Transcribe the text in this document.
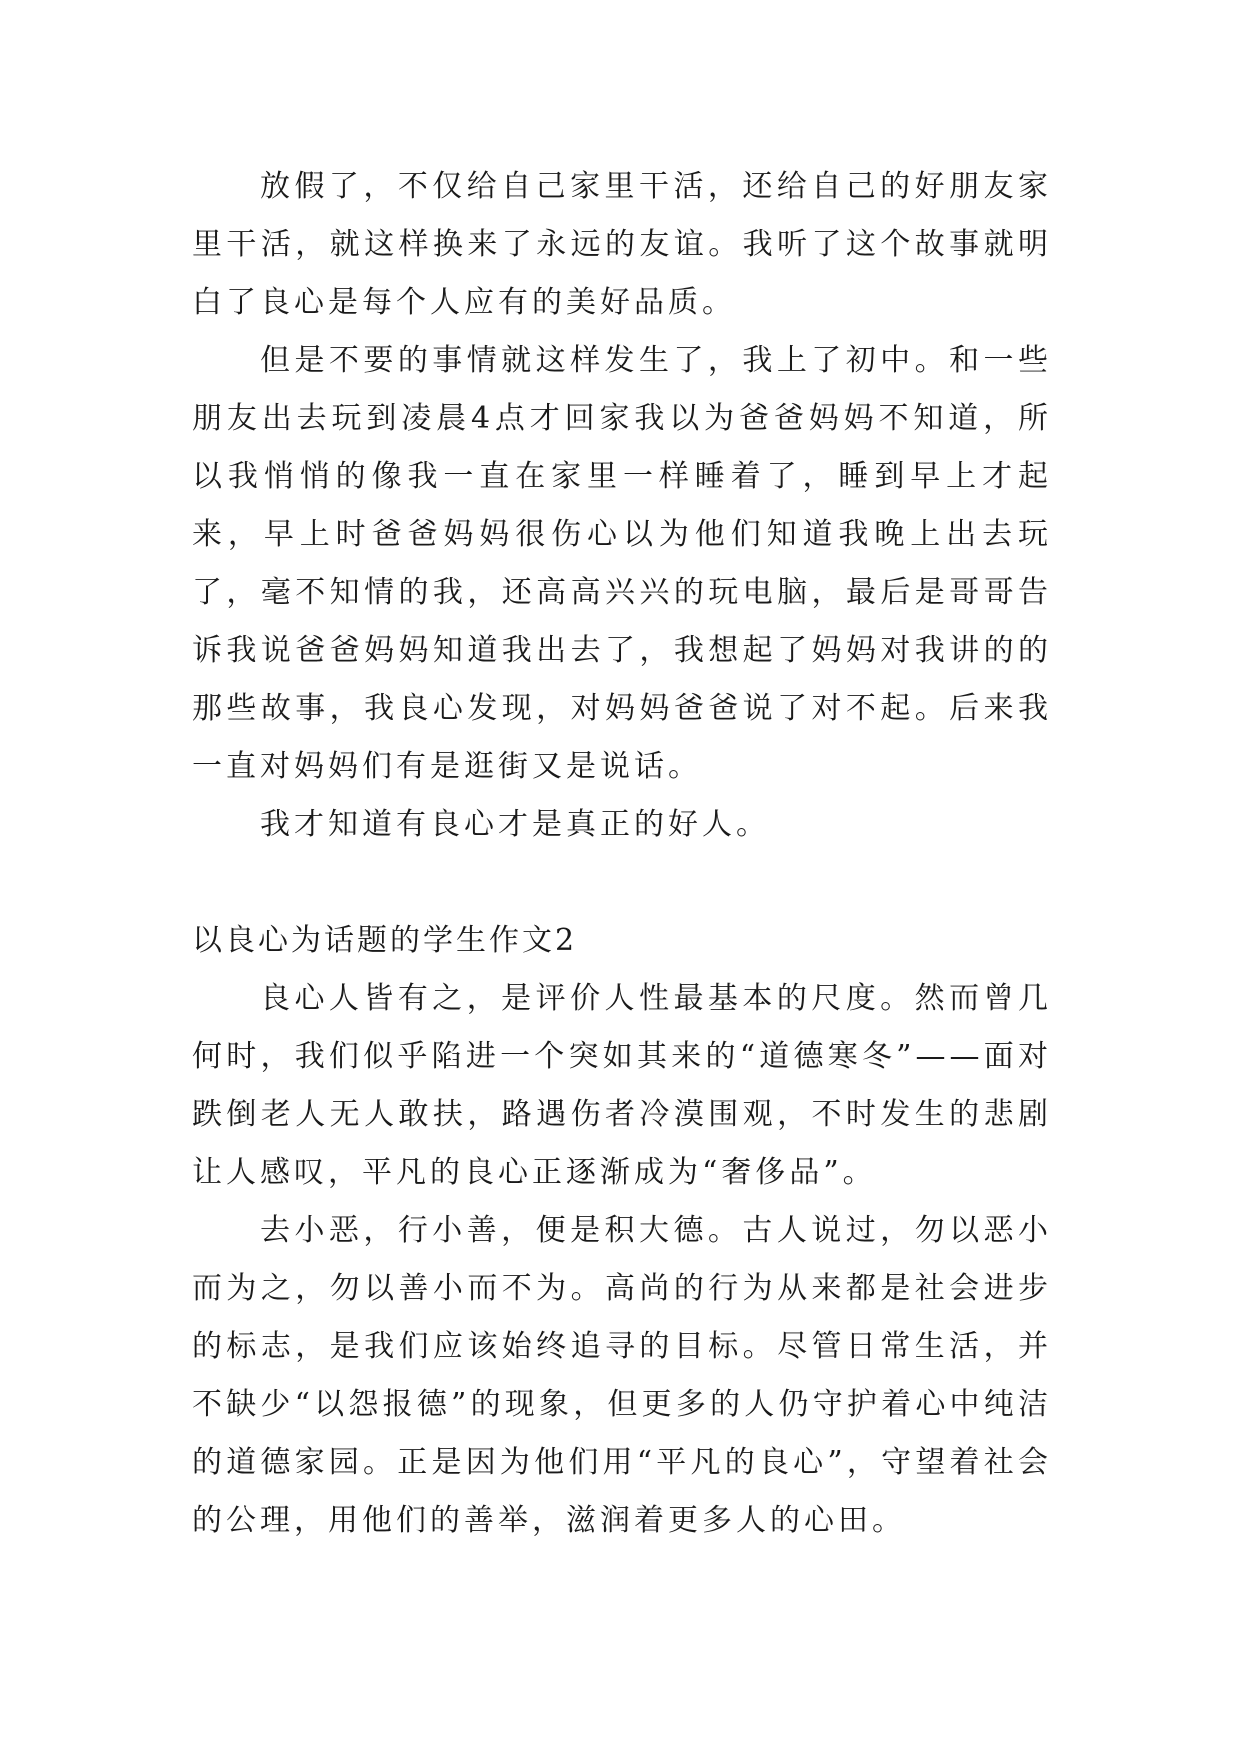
放假了，不仅给自己家里干活，还给自己的好朋友家里干活，就这样换来了永远的友谊。我听了这个故事就明白了良心是每个人应有的美好品质。

但是不要的事情就这样发生了，我上了初中。和一些朋友出去玩到凌晨4点才回家我以为爸爸妈妈不知道，所以我悄悄的像我一直在家里一样睡着了，睡到早上才起来，早上时爸爸妈妈很伤心以为他们知道我晚上出去玩了，毫不知情的我，还高高兴兴的玩电脑，最后是哥哥告诉我说爸爸妈妈知道我出去了，我想起了妈妈对我讲的的那些故事，我良心发现，对妈妈爸爸说了对不起。后来我一直对妈妈们有是逛街又是说话。

我才知道有良心才是真正的好人。

以良心为话题的学生作文2

良心人皆有之，是评价人性最基本的尺度。然而曾几何时，我们似乎陷进一个突如其来的“道德寒冬”——面对跌倒老人无人敢扶，路遇伤者冷漠围观，不时发生的悲剧让人感叹，平凡的良心正逐渐成为“奢侈品”。

去小恶，行小善，便是积大德。古人说过，勿以恶小而为之，勿以善小而不为。高尚的行为从来都是社会进步的标志，是我们应该始终追寻的目标。尽管日常生活，并不缺少“以怨报德”的现象，但更多的人仍守护着心中纯洁的道德家园。正是因为他们用“平凡的良心”，守望着社会的公理，用他们的善举，滋润着更多人的心田。
